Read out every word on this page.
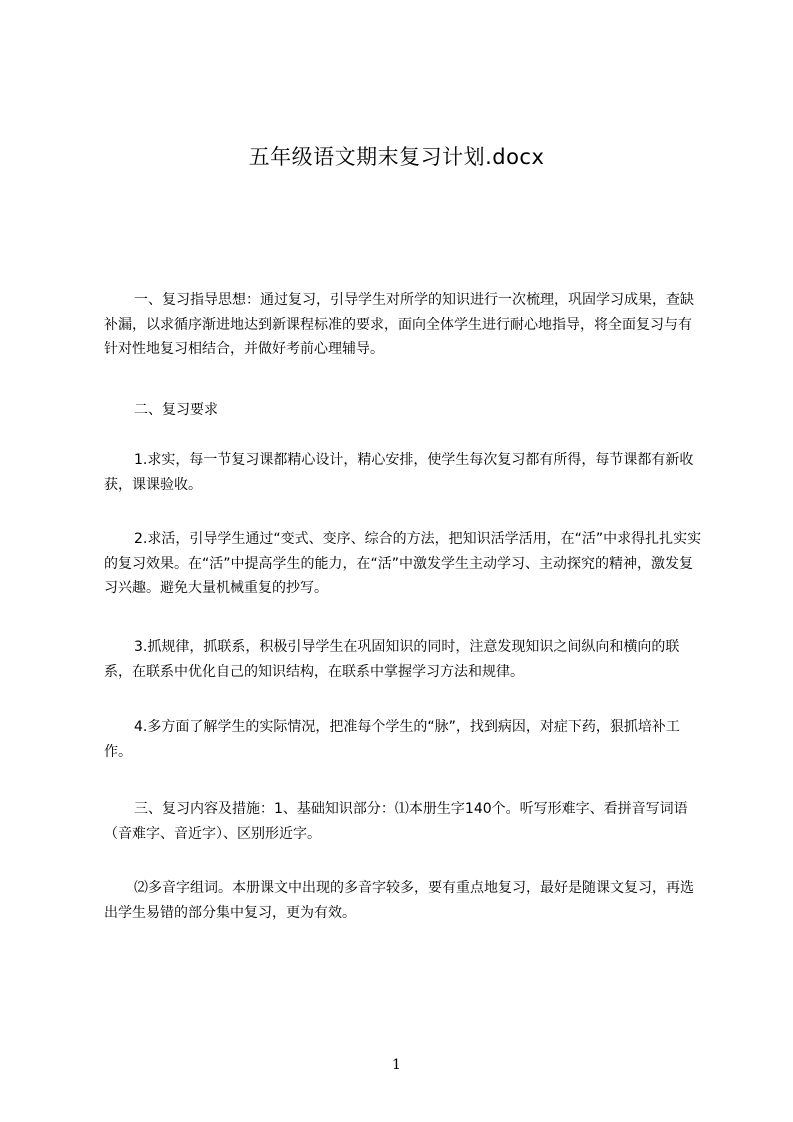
五年级语文期末复习计划.docx

一、复习指导思想：通过复习，引导学生对所学的知识进行一次梳理，巩固学习成果，查缺补漏，以求循序渐进地达到新课程标准的要求，面向全体学生进行耐心地指导，将全面复习与有针对性地复习相结合，并做好考前心理辅导。

二、复习要求

1.求实，每一节复习课都精心设计，精心安排，使学生每次复习都有所得，每节课都有新收获，课课验收。

2.求活，引导学生通过“变式、变序、综合的方法，把知识活学活用，在“活”中求得扎扎实实的复习效果。在“活”中提高学生的能力，在“活”中激发学生主动学习、主动探究的精神，激发复习兴趣。避免大量机械重复的抄写。

3.抓规律，抓联系，积极引导学生在巩固知识的同时，注意发现知识之间纵向和横向的联系，在联系中优化自己的知识结构，在联系中掌握学习方法和规律。

4.多方面了解学生的实际情况，把准每个学生的“脉”，找到病因，对症下药，狠抓培补工作。

三、复习内容及措施：1、基础知识部分：⑴本册生字140个。听写形难字、看拼音写词语（音难字、音近字）、区别形近字。

⑵多音字组词。本册课文中出现的多音字较多，要有重点地复习，最好是随课文复习，再选出学生易错的部分集中复习，更为有效。

1
